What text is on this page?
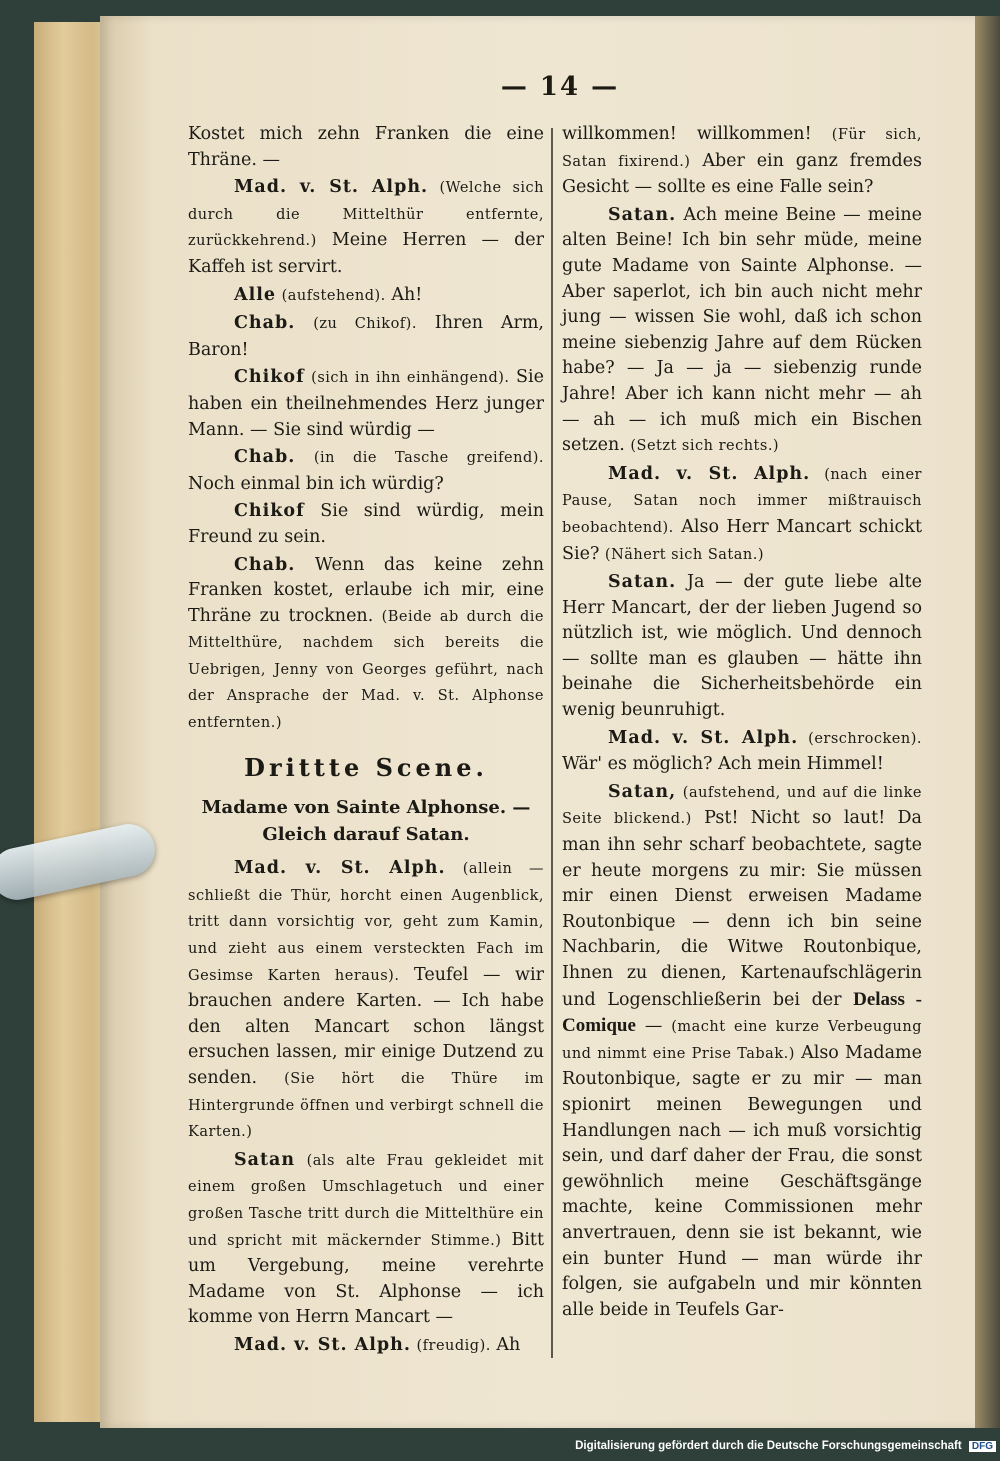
— 14 —

Kostet mich zehn Franken die eine Thräne. —

Mad. v. St. Alph. (Welche sich durch die Mittelthür entfernte, zurückkehrend.) Meine Herren — der Kaffeh ist servirt.

Alle (aufstehend). Ah!

Chab. (zu Chikof). Ihren Arm, Baron!

Chikof (sich in ihn einhängend). Sie haben ein theilnehmendes Herz junger Mann. — Sie sind würdig —

Chab. (in die Tasche greifend). Noch einmal bin ich würdig?

Chikof Sie sind würdig, mein Freund zu sein.

Chab. Wenn das keine zehn Franken kostet, erlaube ich mir, eine Thräne zu trocknen. (Beide ab durch die Mittelthüre, nachdem sich bereits die Uebrigen, Jenny von Georges geführt, nach der Ansprache der Mad. v. St. Alphonse entfernten.)

Drittte Scene.
Madame von Sainte Alphonse. — Gleich darauf Satan.

Mad. v. St. Alph. (allein — schließt die Thür, horcht einen Augenblick, tritt dann vorsichtig vor, geht zum Kamin, und zieht aus einem versteckten Fach im Gesimse Karten heraus). Teufel — wir brauchen andere Karten. — Ich habe den alten Mancart schon längst ersuchen lassen, mir einige Dutzend zu senden. (Sie hört die Thüre im Hintergrunde öffnen und verbirgt schnell die Karten.)

Satan (als alte Frau gekleidet mit einem großen Umschlagetuch und einer großen Tasche tritt durch die Mittelthüre ein und spricht mit mäckernder Stimme.) Bitt um Vergebung, meine verehrte Madame von St. Alphonse — ich komme von Herrn Mancart —

Mad. v. St. Alph. (freudig). Ah

willkommen! willkommen! (Für sich, Satan fixirend.) Aber ein ganz fremdes Gesicht — sollte es eine Falle sein?

Satan. Ach meine Beine — meine alten Beine! Ich bin sehr müde, meine gute Madame von Sainte Alphonse. — Aber saperlot, ich bin auch nicht mehr jung — wissen Sie wohl, daß ich schon meine siebenzig Jahre auf dem Rücken habe? — Ja — ja — siebenzig runde Jahre! Aber ich kann nicht mehr — ah — ah — ich muß mich ein Bischen setzen. (Setzt sich rechts.)

Mad. v. St. Alph. (nach einer Pause, Satan noch immer mißtrauisch beobachtend). Also Herr Mancart schickt Sie? (Nähert sich Satan.)

Satan. Ja — der gute liebe alte Herr Mancart, der der lieben Jugend so nützlich ist, wie möglich. Und dennoch — sollte man es glauben — hätte ihn beinahe die Sicherheitsbehörde ein wenig beunruhigt.

Mad. v. St. Alph. (erschrocken). Wär' es möglich? Ach mein Himmel!

Satan, (aufstehend, und auf die linke Seite blickend.) Pst! Nicht so laut! Da man ihn sehr scharf beobachtete, sagte er heute morgens zu mir: Sie müssen mir einen Dienst erweisen Madame Routonbique — denn ich bin seine Nachbarin, die Witwe Routonbique, Ihnen zu dienen, Kartenaufschlägerin und Logenschließerin bei der Delass - Comique — (macht eine kurze Verbeugung und nimmt eine Prise Tabak.) Also Madame Routonbique, sagte er zu mir — man spionirt meinen Bewegungen und Handlungen nach — ich muß vorsichtig sein, und darf daher der Frau, die sonst gewöhnlich meine Geschäftsgänge machte, keine Commissionen mehr anvertrauen, denn sie ist bekannt, wie ein bunter Hund — man würde ihr folgen, sie aufgabeln und mir könnten alle beide in Teufels Gar-

Digitalisierung gefördert durch die Deutsche Forschungsgemeinschaft DFG
